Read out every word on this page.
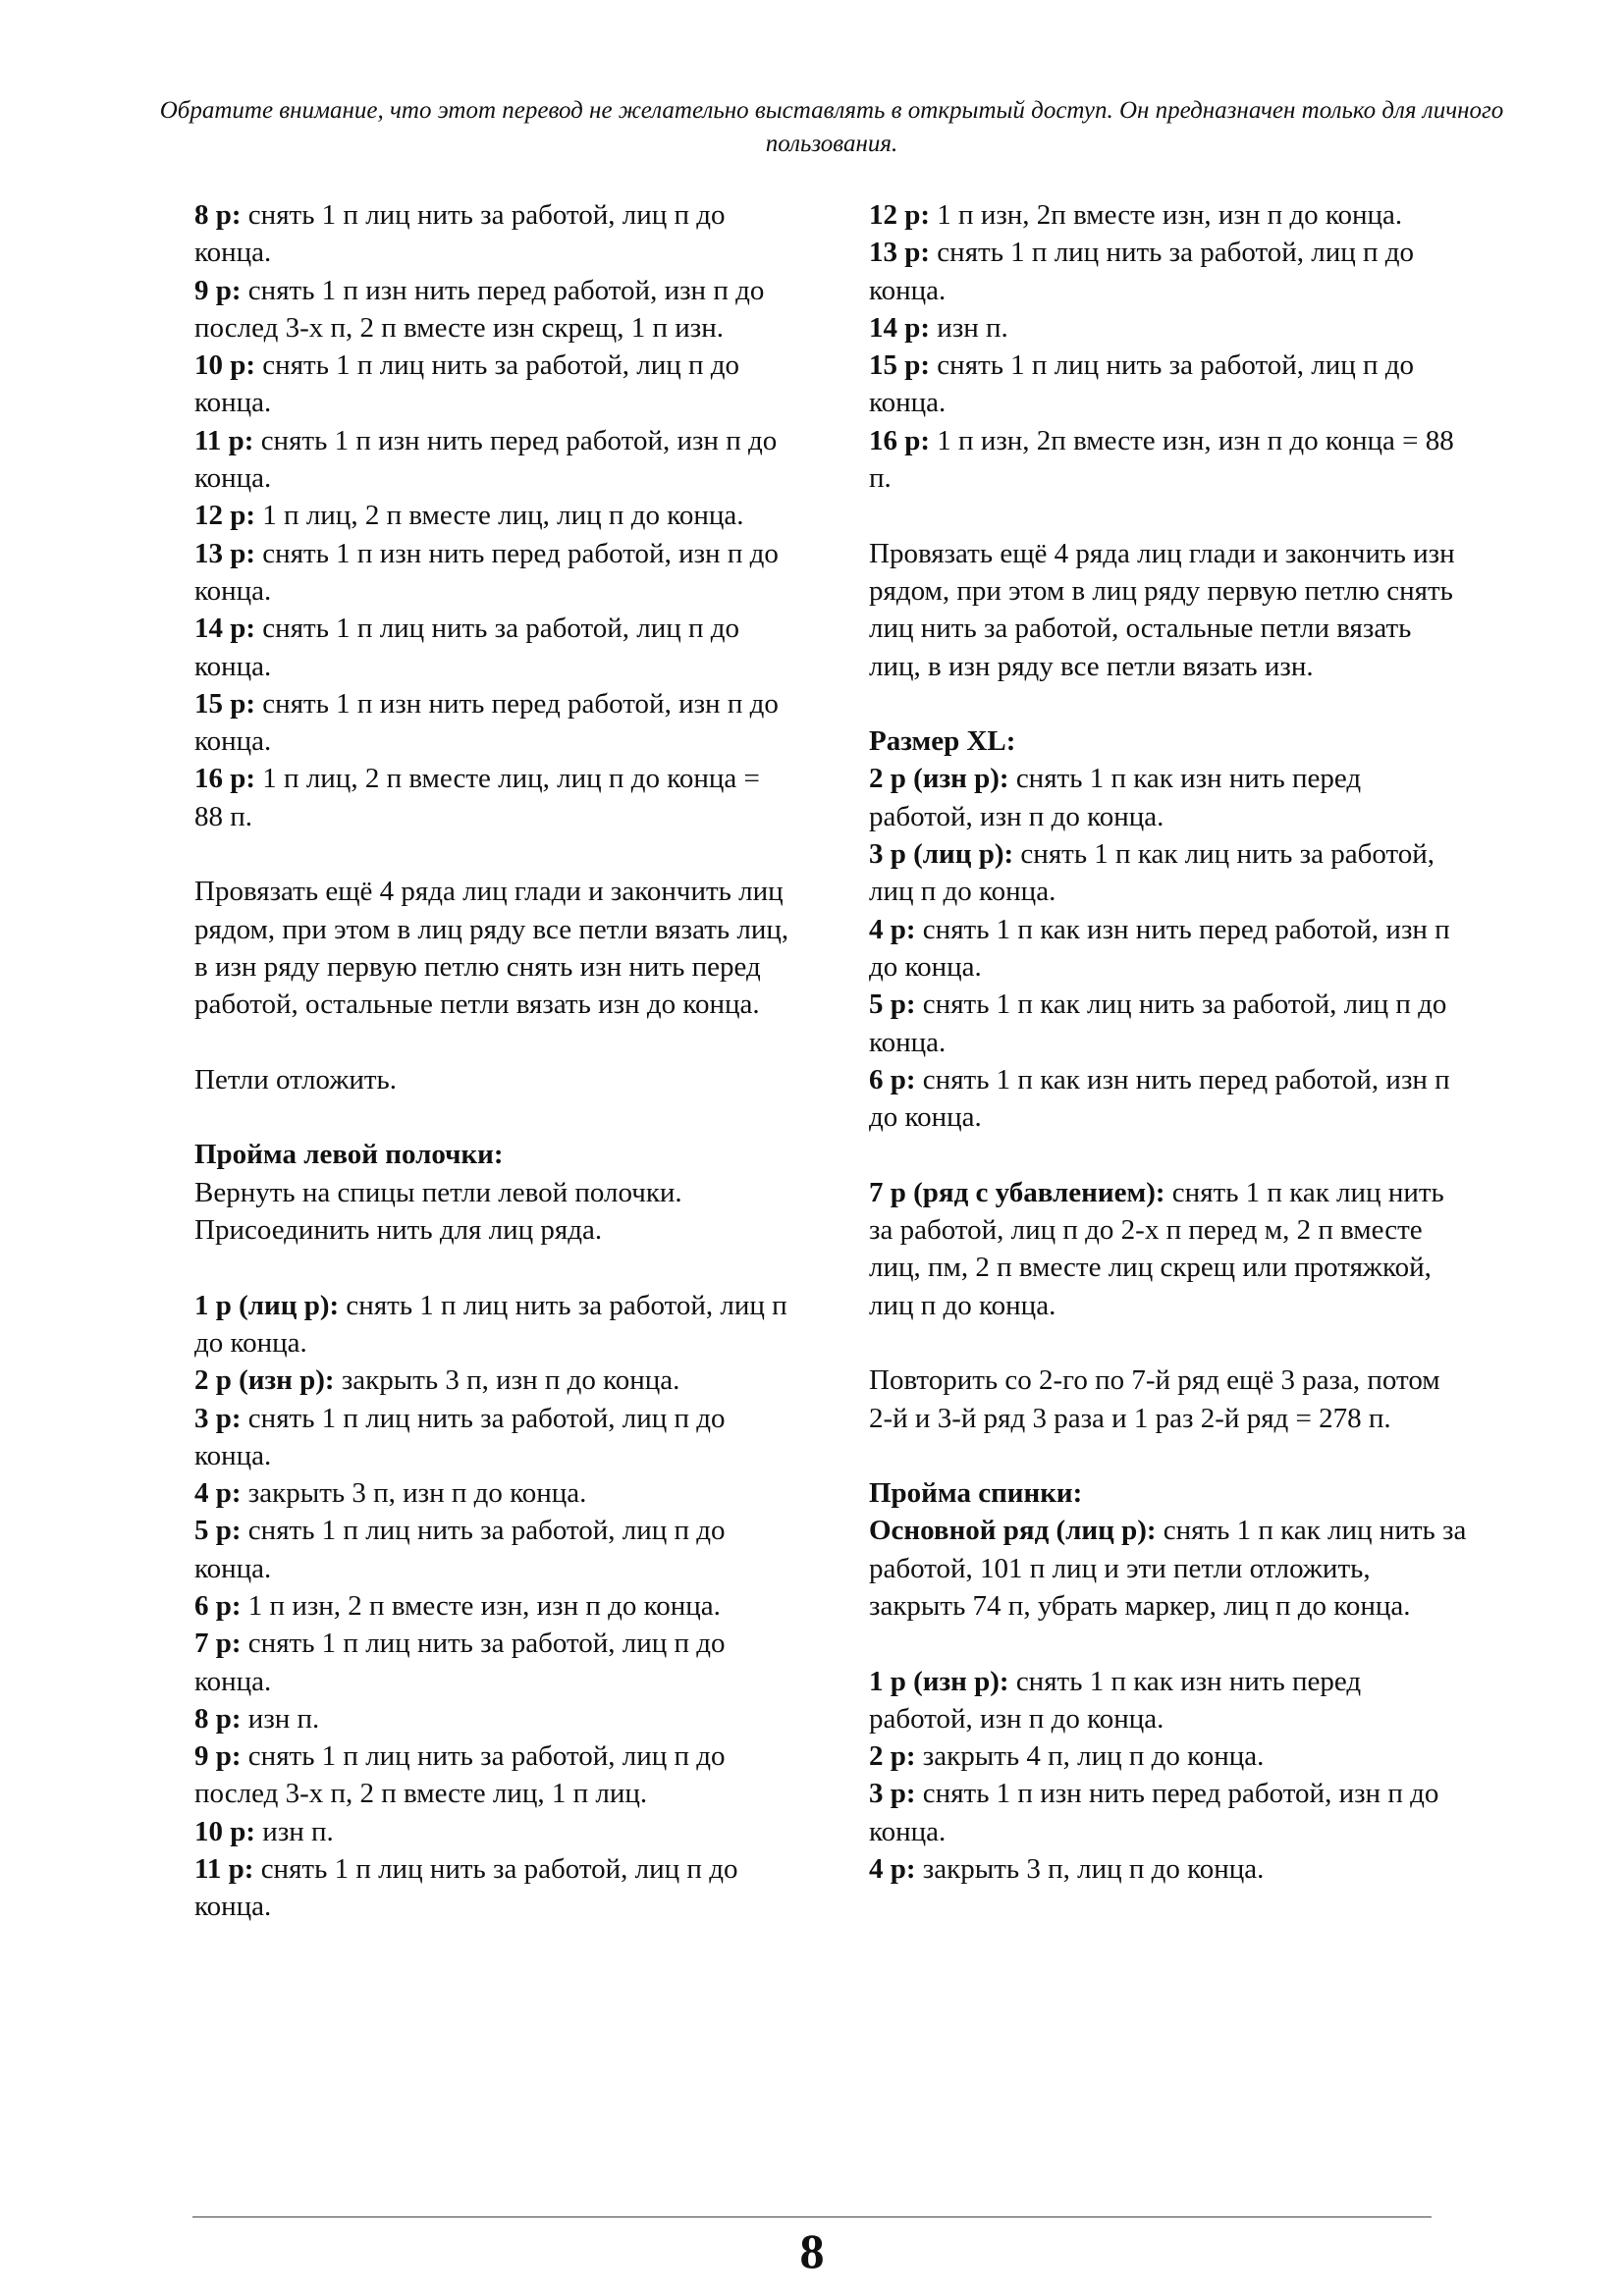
Обратите внимание, что этот перевод не желательно выставлять в открытый доступ. Он предназначен только для личного пользования.

8 р: снять 1 п лиц нить за работой, лиц п до конца.

9 р: снять 1 п изн нить перед работой, изн п до послед 3-х п, 2 п вместе изн скрещ, 1 п изн.

10 р: снять 1 п лиц нить за работой, лиц п до конца.

11 р: снять 1 п изн нить перед работой, изн п до конца.

12 р: 1 п лиц, 2 п вместе лиц, лиц п до конца.

13 р: снять 1 п изн нить перед работой, изн п до конца.

14 р: снять 1 п лиц нить за работой, лиц п до конца.

15 р: снять 1 п изн нить перед работой, изн п до конца.

16 р: 1 п лиц, 2 п вместе лиц, лиц п до конца = 88 п.

Провязать ещё 4 ряда лиц глади и закончить лиц рядом, при этом в лиц ряду все петли вязать лиц, в изн ряду первую петлю снять изн нить перед работой, остальные петли вязать изн до конца.

Петли отложить.

Пройма левой полочки:

Вернуть на спицы петли левой полочки. Присоединить нить для лиц ряда.

1 р (лиц р): снять 1 п лиц нить за работой, лиц п до конца.

2 р (изн р): закрыть 3 п, изн п до конца.

3 р: снять 1 п лиц нить за работой, лиц п до конца.

4 р: закрыть 3 п, изн п до конца.

5 р: снять 1 п лиц нить за работой, лиц п до конца.

6 р: 1 п изн, 2 п вместе изн, изн п до конца.

7 р: снять 1 п лиц нить за работой, лиц п до конца.

8 р: изн п.

9 р: снять 1 п лиц нить за работой, лиц п до послед 3-х п, 2 п вместе лиц, 1 п лиц.

10 р: изн п.

11 р: снять 1 п лиц нить за работой, лиц п до конца.

12 р: 1 п изн, 2п вместе изн, изн п до конца.

13 р: снять 1 п лиц нить за работой, лиц п до конца.

14 р: изн п.

15 р: снять 1 п лиц нить за работой, лиц п до конца.

16 р: 1 п изн, 2п вместе изн, изн п до конца = 88 п.

Провязать ещё 4 ряда лиц глади и закончить изн рядом, при этом в лиц ряду первую петлю снять лиц нить за работой, остальные петли вязать лиц, в изн ряду все петли вязать изн.

Размер XL:

2 р (изн р): снять 1 п как изн нить перед работой, изн п до конца.

3 р (лиц р): снять 1 п как лиц нить за работой, лиц п до конца.

4 р: снять 1 п как изн нить перед работой, изн п до конца.

5 р: снять 1 п как лиц нить за работой, лиц п до конца.

6 р: снять 1 п как изн нить перед работой, изн п до конца.

7 р (ряд с убавлением): снять 1 п как лиц нить за работой, лиц п до 2-х п перед м, 2 п вместе лиц, пм, 2 п вместе лиц скрещ или протяжкой, лиц п до конца.

Повторить со 2-го по 7-й ряд ещё 3 раза, потом 2-й и 3-й ряд 3 раза и 1 раз 2-й ряд = 278 п.

Пройма спинки:

Основной ряд (лиц р): снять 1 п как лиц нить за работой, 101 п лиц и эти петли отложить, закрыть 74 п, убрать маркер, лиц п до конца.

1 р (изн р): снять 1 п как изн нить перед работой, изн п до конца.

2 р: закрыть 4 п, лиц п до конца.

3 р: снять 1 п изн нить перед работой, изн п до конца.

4 р: закрыть 3 п, лиц п до конца.

8
